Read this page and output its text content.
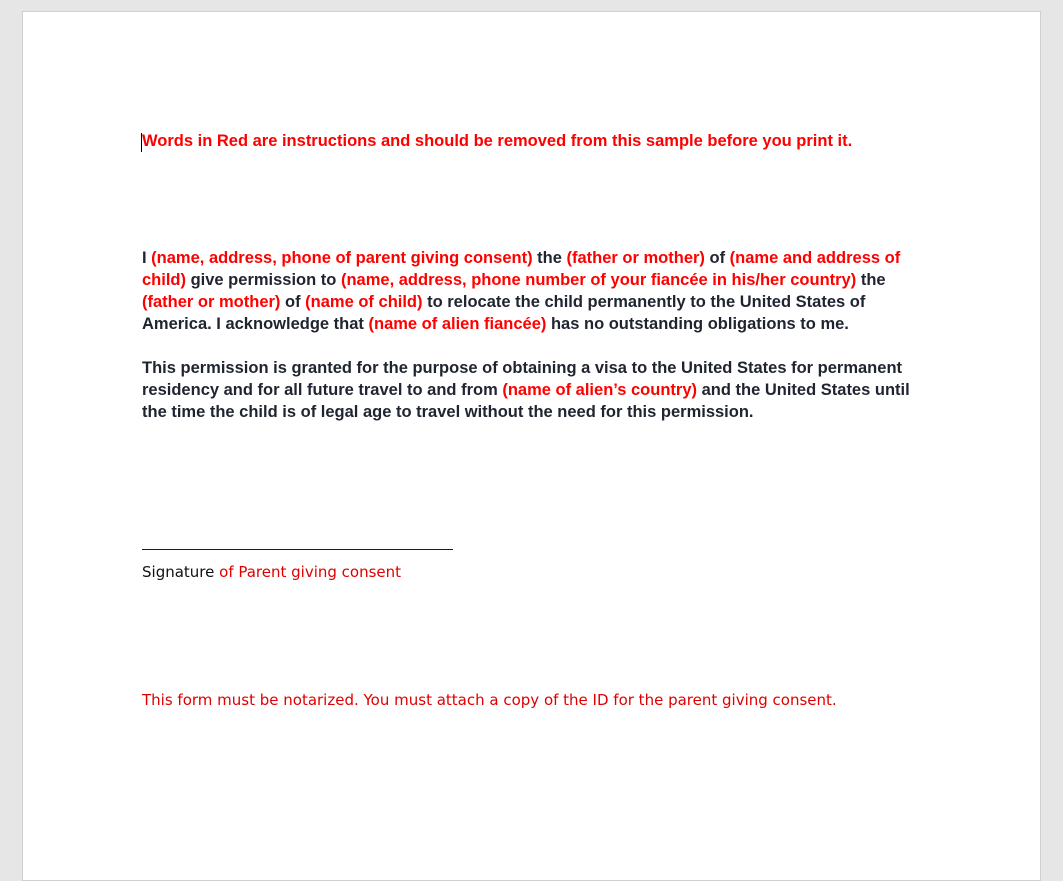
Words in Red are instructions and should be removed from this sample before you print it.
I (name, address, phone of parent giving consent) the (father or mother) of (name and address of child) give permission to (name, address, phone number of your fiancée in his/her country) the (father or mother) of (name of child) to relocate the child permanently to the United States of America. I acknowledge that (name of alien fiancée) has no outstanding obligations to me.
This permission is granted for the purpose of obtaining a visa to the United States for permanent residency and for all future travel to and from (name of alien’s country) and the United States until the time the child is of legal age to travel without the need for this permission.
Signature of Parent giving consent
This form must be notarized. You must attach a copy of the ID for the parent giving consent.
